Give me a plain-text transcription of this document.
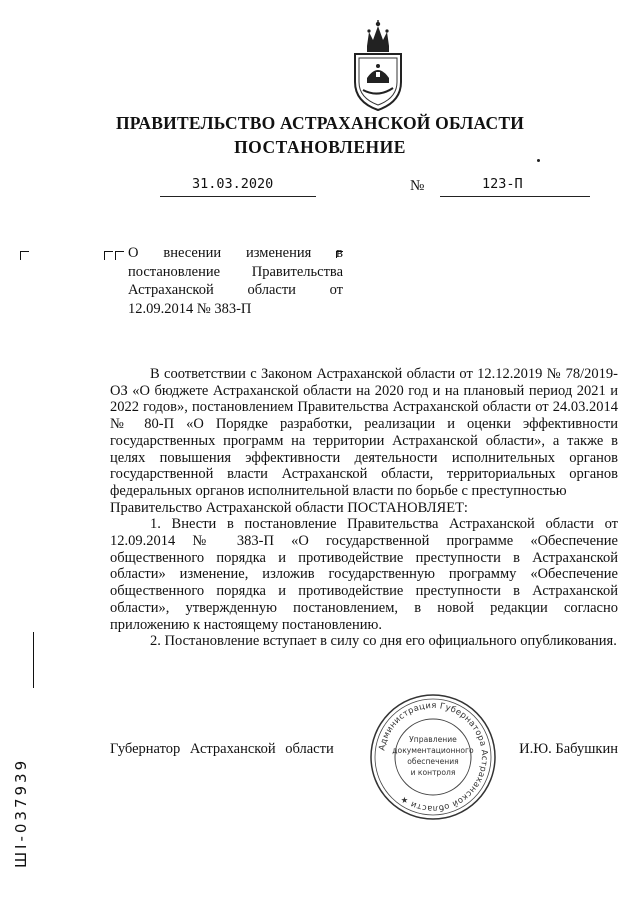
ПРАВИТЕЛЬСТВО АСТРАХАНСКОЙ ОБЛАСТИ
ПОСТАНОВЛЕНИЕ
31.03.2020	№	123-П
О внесении изменения в
постановление Правительства
Астраханской области от
12.09.2014 № 383-П

В соответствии с Законом Астраханской области от 12.12.2019 № 78/2019-ОЗ «О бюджете Астраханской области на 2020 год и на плановый период 2021 и 2022 годов», постановлением Правительства Астраханской области от 24.03.2014 № 80-П «О Порядке разработки, реализации и оценки эффективности государственных программ на территории Астраханской области», а также в целях повышения эффективности деятельности исполнительных органов государственной власти Астраханской области, территориальных органов федеральных органов исполнительной власти по борьбе с преступностью

Правительство Астраханской области ПОСТАНОВЛЯЕТ:

1. Внести в постановление Правительства Астраханской области от 12.09.2014 № 383-П «О государственной программе «Обеспечение общественного порядка и противодействие преступности в Астраханской области» изменение, изложив государственную программу «Обеспечение общественного порядка и противодействие преступности в Астраханской области», утвержденную постановлением, в новой редакции согласно приложению к настоящему постановлению.

2. Постановление вступает в силу со дня его официального опубликования.

Губернатор Астраханской области	И.Ю. Бабушкин
Администрация Губернатора Астраханской области ★
Управление
документационного
обеспечения
и контроля
ШI-037939
